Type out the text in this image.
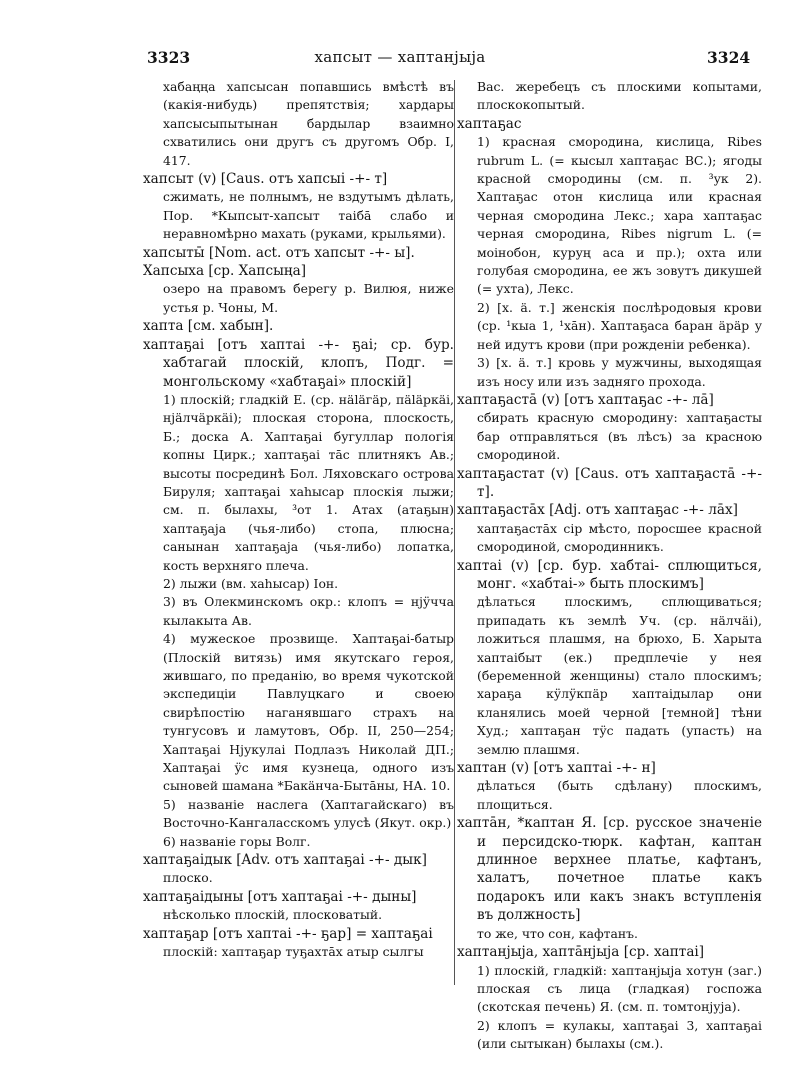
3323	хапсыт — хаптанјыја	3324

хабаңңа хапсысан попавшись вмѣстѣ въ (какія-нибудь) препятствія; хардары хапсысыпытынан бардылар взаимно схватились они другъ съ другомъ Обр. I, 417.

хапсыт (v) [Caus. отъ хапсыі -+- т]

сжимать, не полнымъ, не вздутымъ дѣлать, Пор. *Кыпсыт-хапсыт таібā слабо и неравномѣрно махать (руками, крыльями).

хапсыты̄ [Nom. act. отъ хапсыт -+- ы].

Хапсыха [ср. Хапсыңа]

озеро на правомъ берегу р. Вилюя, ниже устья р. Чоны, М.

хапта [см. хабын].

хаптаҕаі [отъ хаптаі -+- ҕаі; ср. бур. хабтагай плоскій, клопъ, Подг. = монгольскому «хабтаҕаі» плоскій]

1) плоскій; гладкій Е. (ср. нäläгäр, пäläркäі, нјäлчäркäі); плоская сторона, плоскость, Б.; доска А. Хаптаҕаі бугуллар пологія копны Цирк.; хаптаҕаі тāс плитнякъ Ав.; высоты посрединѣ Бол. Ляховскаго острова Бируля; хаптаҕаі хаһысар плоскія лыжи; см. п. былахы, ³от 1. Атах (атаҕын) хаптаҕаја (чья-либо) стопа, плюсна; санынан хаптаҕаја (чья-либо) лопатка, кость верхняго плеча.

2) лыжи (вм. хаһысар) Іон.

3) въ Олекминскомъ окр.: клопъ = нјӱчча кылакыта Ав.

4) мужеское прозвище. Хаптаҕаі-батыр (Плоскій витязь) имя якутскаго героя, жившаго, по преданію, во время чукотской экспедиціи Павлуцкаго и своею свирѣпостію наганявшаго страхъ на тунгусовъ и ламутовъ, Обр. II, 250—254; Хаптаҕаі Нјукулаі Подлазъ Николай ДП.; Хаптаҕаі ӱс имя кузнеца, одного изъ сыновей шамана *Бакäнча-Быта̄ны, НА. 10.

5) названіе наслега (Хаптагайскаго) въ Восточно-Кангаласскомъ улусѣ (Якут. окр.)

6) названіе горы Волг.

хаптаҕаідык [Adv. отъ хаптаҕаі -+- дык]

плоско.

хаптаҕаідыны [отъ хаптаҕаі -+- дыны]

нѣсколько плоскій, плосковатый.

хаптаҕар [отъ хаптаі -+- ҕар] = хаптаҕаі

плоскій: хаптаҕар туҕахтāх атыр сылгы

Вас. жеребецъ съ плоскими копытами, плоскокопытый.

хаптаҕас

1) красная смородина, кислица, Ribes rubrum L. (= кысыл хаптаҕас ВС.); ягоды красной смородины (см. п. ³ук 2). Хаптаҕас отон кислица или красная черная смородина Лекс.; хара хаптаҕас черная смородина, Ribes nigrum L. (= моінобон, куруң аса и пр.); охта или голубая смородина, ее жъ зовутъ дикушей (= ухта), Лекс.

2) [х. ä. т.] женскія послѣродовыя крови (ср. ¹кыа 1, ¹хāн). Хаптаҕаса баран äрäр у ней идутъ крови (при рожденіи ребенка).

3) [х. ä. т.] кровь у мужчины, выходящая изъ носу или изъ задняго прохода.

хаптаҕаста̄ (v) [отъ хаптаҕас -+- ла̄]

сбирать красную смородину: хаптаҕасты бар отправляться (въ лѣсъ) за красною смородиной.

хаптаҕастат (v) [Caus. отъ хаптаҕаста̄ -+- т].

хаптаҕастāх [Adj. отъ хаптаҕас -+- лāх]

хаптаҕастāх сір мѣсто, поросшее красной смородиной, смородинникъ.

хаптаі (v) [ср. бур. хабтаі- сплющиться, монг. «хабтаі-» быть плоскимъ]

дѣлаться плоскимъ, сплющиваться; припадать къ землѣ Уч. (ср. нäлчäі), ложиться плашмя, на брюхо, Б. Харыта хаптаібыт (ек.) предплечіе у нея (беременной женщины) стало плоскимъ; хараҕа кӱлӱкпäр хаптаідылар они кланялись моей черной [темной] тѣни Худ.; хаптаҕан тӱс падать (упасть) на землю плашмя.

хаптан (v) [отъ хаптаі -+- н]

дѣлаться (быть сдѣлану) плоскимъ, площиться.

хапта̄н, *каптан Я. [ср. русское значеніе и персидско-тюрк. кафтан, каптан длинное верхнее платье, кафтанъ, халатъ, почетное платье какъ подарокъ или какъ знакъ вступленія въ должность]

то же, что сон, кафтанъ.

хаптанјыја, хапта̄нјыја [ср. хаптаі]

1) плоскій, гладкій: хаптанјыја хотун (заг.) плоская съ лица (гладкая) госпожа (скотская печень) Я. (см. п. томтонјуја).

2) клопъ = кулакы, хаптаҕаі 3, хаптаҕаі (или сытыкан) былахы (см.).
